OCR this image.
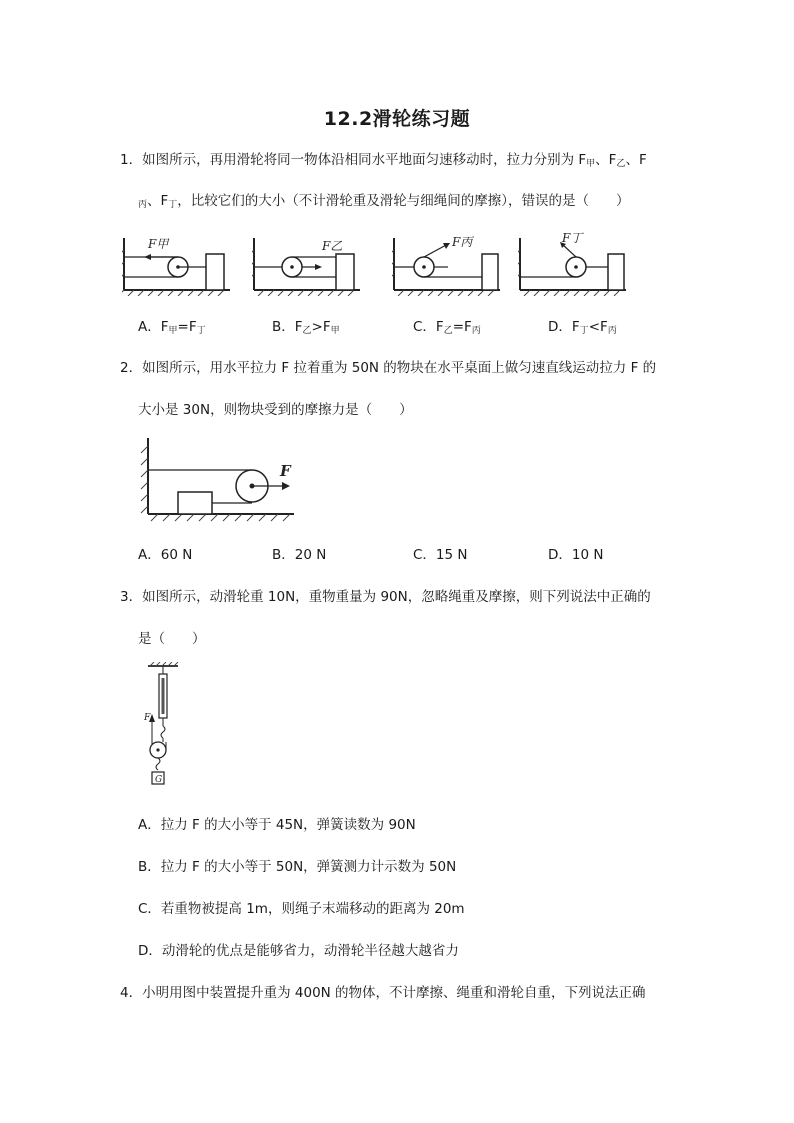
12.2滑轮练习题
1．如图所示，再用滑轮将同一物体沿相同水平地面匀速移动时，拉力分别为 $F_甲$、$F_乙$、F
$_丙$、$F_丁$，比较它们的大小（不计滑轮重及滑轮与细绳间的摩擦），错误的是（　　）
F甲	F乙	F丙	F丁
A．$F_甲=F_丁$	B．$F_乙>F_甲$	C．$F_乙=F_丙$	D．$F_丁<F_丙$
2．如图所示，用水平拉力 F 拉着重为 50N 的物块在水平桌面上做匀速直线运动拉力 F 的
大小是 30N，则物块受到的摩擦力是（　　）
F
A．60 N	B．20 N	C．15 N	D．10 N
3．如图所示，动滑轮重 10N，重物重量为 90N，忽略绳重及摩擦，则下列说法中正确的
是（　　）
F
G
A．拉力 F 的大小等于 45N，弹簧读数为 90N
B．拉力 F 的大小等于 50N，弹簧测力计示数为 50N
C．若重物被提高 1m，则绳子末端移动的距离为 20m
D．动滑轮的优点是能够省力，动滑轮半径越大越省力
4．小明用图中装置提升重为 400N 的物体，不计摩擦、绳重和滑轮自重，下列说法正确
